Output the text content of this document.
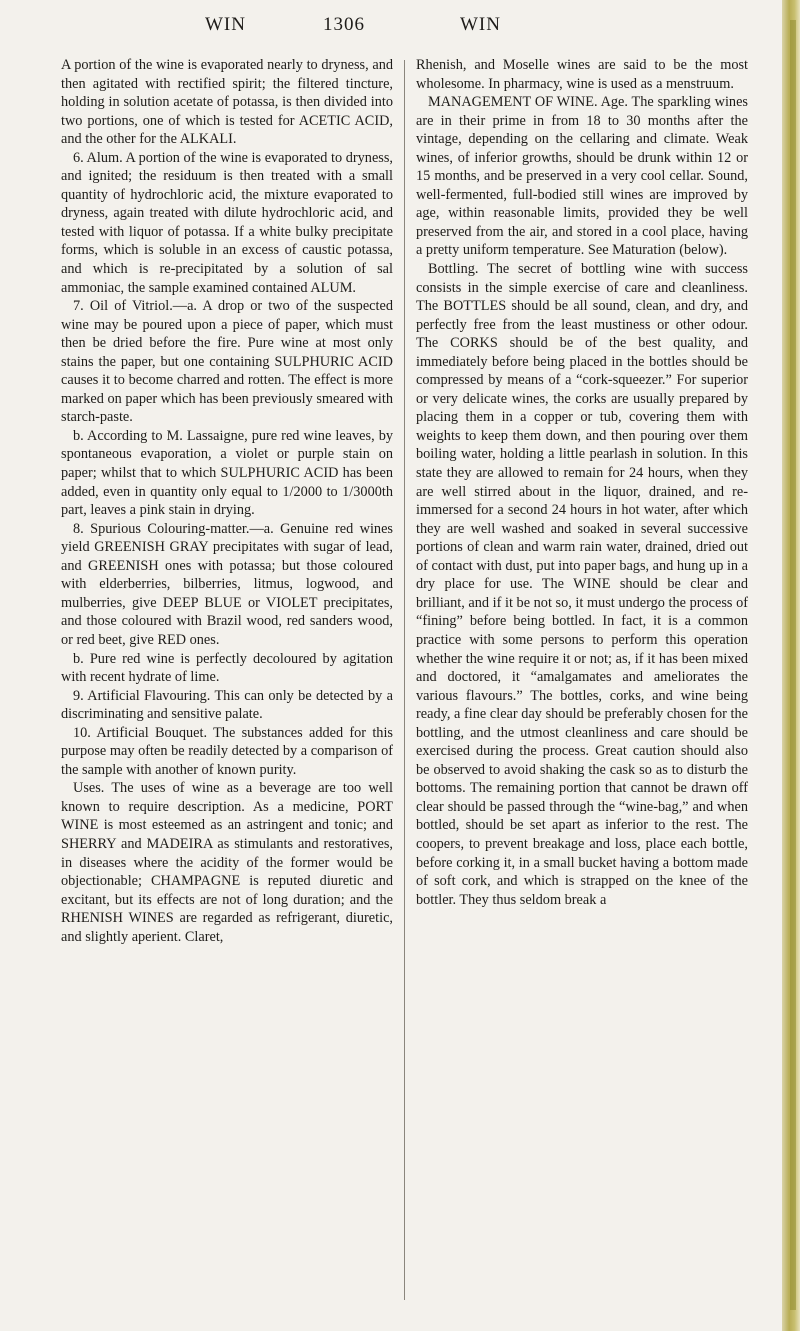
WIN	1306	WIN

A portion of the wine is evaporated nearly to dryness, and then agitated with rectified spirit; the filtered tincture, holding in solution acetate of potassa, is then divided into two portions, one of which is tested for ACETIC ACID, and the other for the ALKALI.

6. Alum. A portion of the wine is evaporated to dryness, and ignited; the residuum is then treated with a small quantity of hydrochloric acid, the mixture evaporated to dryness, again treated with dilute hydrochloric acid, and tested with liquor of potassa. If a white bulky precipitate forms, which is soluble in an excess of caustic potassa, and which is re-precipitated by a solution of sal ammoniac, the sample examined contained ALUM.

7. Oil of Vitriol.—a. A drop or two of the suspected wine may be poured upon a piece of paper, which must then be dried before the fire. Pure wine at most only stains the paper, but one containing SULPHURIC ACID causes it to become charred and rotten. The effect is more marked on paper which has been previously smeared with starch-paste.

b. According to M. Lassaigne, pure red wine leaves, by spontaneous evaporation, a violet or purple stain on paper; whilst that to which SULPHURIC ACID has been added, even in quantity only equal to 1/2000 to 1/3000th part, leaves a pink stain in drying.

8. Spurious Colouring-matter.—a. Genuine red wines yield GREENISH GRAY precipitates with sugar of lead, and GREENISH ones with potassa; but those coloured with elderberries, bilberries, litmus, logwood, and mulberries, give DEEP BLUE or VIOLET precipitates, and those coloured with Brazil wood, red sanders wood, or red beet, give RED ones.

b. Pure red wine is perfectly decoloured by agitation with recent hydrate of lime.

9. Artificial Flavouring. This can only be detected by a discriminating and sensitive palate.

10. Artificial Bouquet. The substances added for this purpose may often be readily detected by a comparison of the sample with another of known purity.

Uses. The uses of wine as a beverage are too well known to require description. As a medicine, PORT WINE is most esteemed as an astringent and tonic; and SHERRY and MADEIRA as stimulants and restoratives, in diseases where the acidity of the former would be objectionable; CHAMPAGNE is reputed diuretic and excitant, but its effects are not of long duration; and the RHENISH WINES are regarded as refrigerant, diuretic, and slightly aperient. Claret,

Rhenish, and Moselle wines are said to be the most wholesome. In pharmacy, wine is used as a menstruum.

MANAGEMENT OF WINE. Age. The sparkling wines are in their prime in from 18 to 30 months after the vintage, depending on the cellaring and climate. Weak wines, of inferior growths, should be drunk within 12 or 15 months, and be preserved in a very cool cellar. Sound, well-fermented, full-bodied still wines are improved by age, within reasonable limits, provided they be well preserved from the air, and stored in a cool place, having a pretty uniform temperature. See Maturation (below).

Bottling. The secret of bottling wine with success consists in the simple exercise of care and cleanliness. The BOTTLES should be all sound, clean, and dry, and perfectly free from the least mustiness or other odour. The CORKS should be of the best quality, and immediately before being placed in the bottles should be compressed by means of a “cork-squeezer.” For superior or very delicate wines, the corks are usually prepared by placing them in a copper or tub, covering them with weights to keep them down, and then pouring over them boiling water, holding a little pearlash in solution. In this state they are allowed to remain for 24 hours, when they are well stirred about in the liquor, drained, and re-immersed for a second 24 hours in hot water, after which they are well washed and soaked in several successive portions of clean and warm rain water, drained, dried out of contact with dust, put into paper bags, and hung up in a dry place for use. The WINE should be clear and brilliant, and if it be not so, it must undergo the process of “fining” before being bottled. In fact, it is a common practice with some persons to perform this operation whether the wine require it or not; as, if it has been mixed and doctored, it “amalgamates and ameliorates the various flavours.” The bottles, corks, and wine being ready, a fine clear day should be preferably chosen for the bottling, and the utmost cleanliness and care should be exercised during the process. Great caution should also be observed to avoid shaking the cask so as to disturb the bottoms. The remaining portion that cannot be drawn off clear should be passed through the “wine-bag,” and when bottled, should be set apart as inferior to the rest. The coopers, to prevent breakage and loss, place each bottle, before corking it, in a small bucket having a bottom made of soft cork, and which is strapped on the knee of the bottler. They thus seldom break a
